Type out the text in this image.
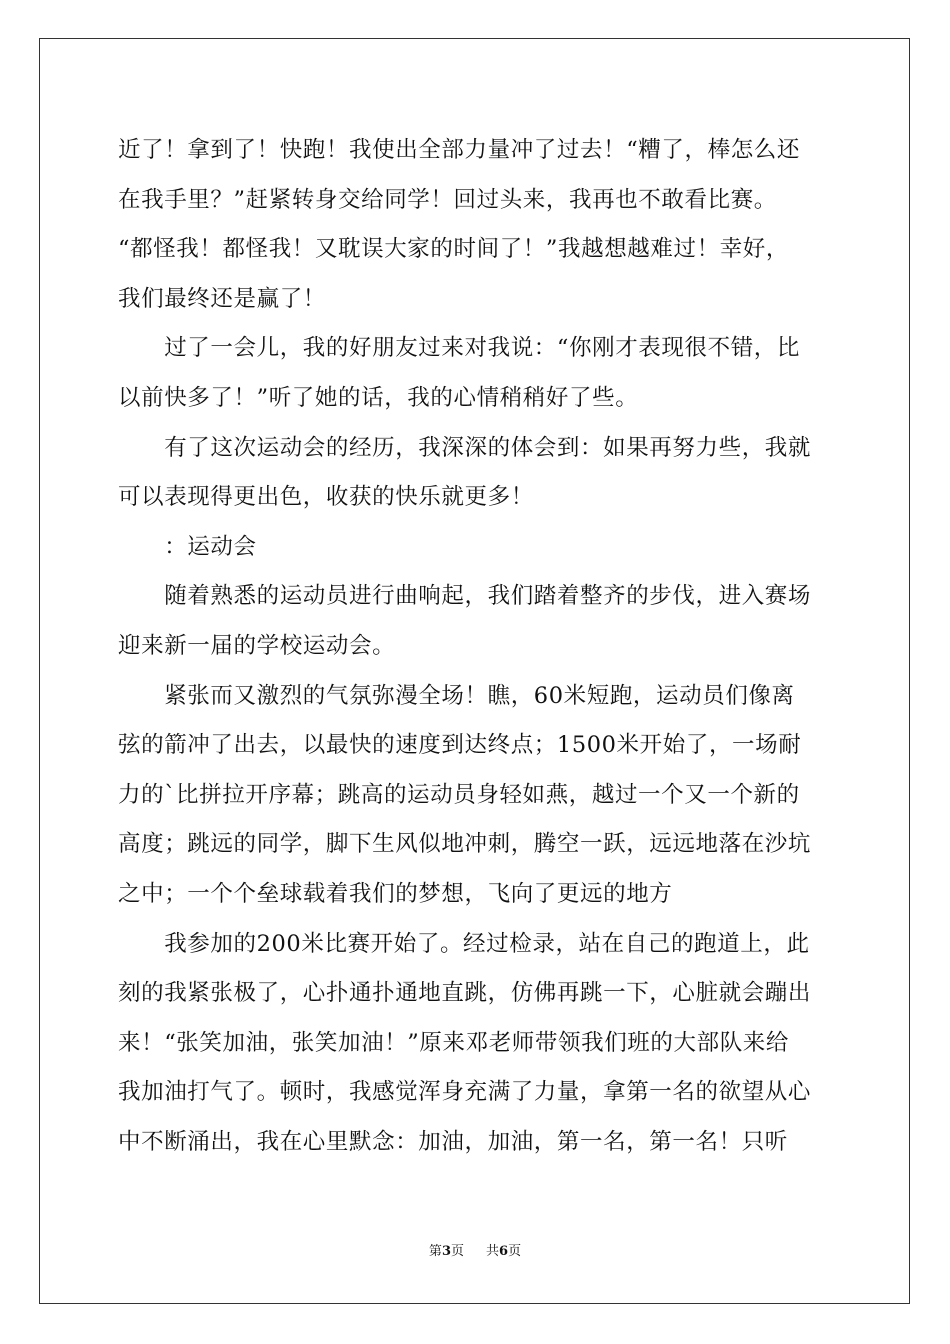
近了！拿到了！快跑！我使出全部力量冲了过去！“糟了，棒怎么还
在我手里？”赶紧转身交给同学！回过头来，我再也不敢看比赛。
“都怪我！都怪我！又耽误大家的时间了！”我越想越难过！幸好，
我们最终还是赢了！
　　过了一会儿，我的好朋友过来对我说：“你刚才表现很不错，比
以前快多了！”听了她的话，我的心情稍稍好了些。
　　有了这次运动会的经历，我深深的体会到：如果再努力些，我就
可以表现得更出色，收获的快乐就更多！
　　：运动会
　　随着熟悉的运动员进行曲响起，我们踏着整齐的步伐，进入赛场
迎来新一届的学校运动会。
　　紧张而又激烈的气氛弥漫全场！瞧，60米短跑，运动员们像离
弦的箭冲了出去，以最快的速度到达终点；1500米开始了，一场耐
力的`比拼拉开序幕；跳高的运动员身轻如燕，越过一个又一个新的
高度；跳远的同学，脚下生风似地冲刺，腾空一跃，远远地落在沙坑
之中；一个个垒球载着我们的梦想，飞向了更远的地方
　　我参加的200米比赛开始了。经过检录，站在自己的跑道上，此
刻的我紧张极了，心扑通扑通地直跳，仿佛再跳一下，心脏就会蹦出
来！“张笑加油，张笑加油！”原来邓老师带领我们班的大部队来给
我加油打气了。顿时，我感觉浑身充满了力量，拿第一名的欲望从心
中不断涌出，我在心里默念：加油，加油，第一名，第一名！只听
第3页 共6页
